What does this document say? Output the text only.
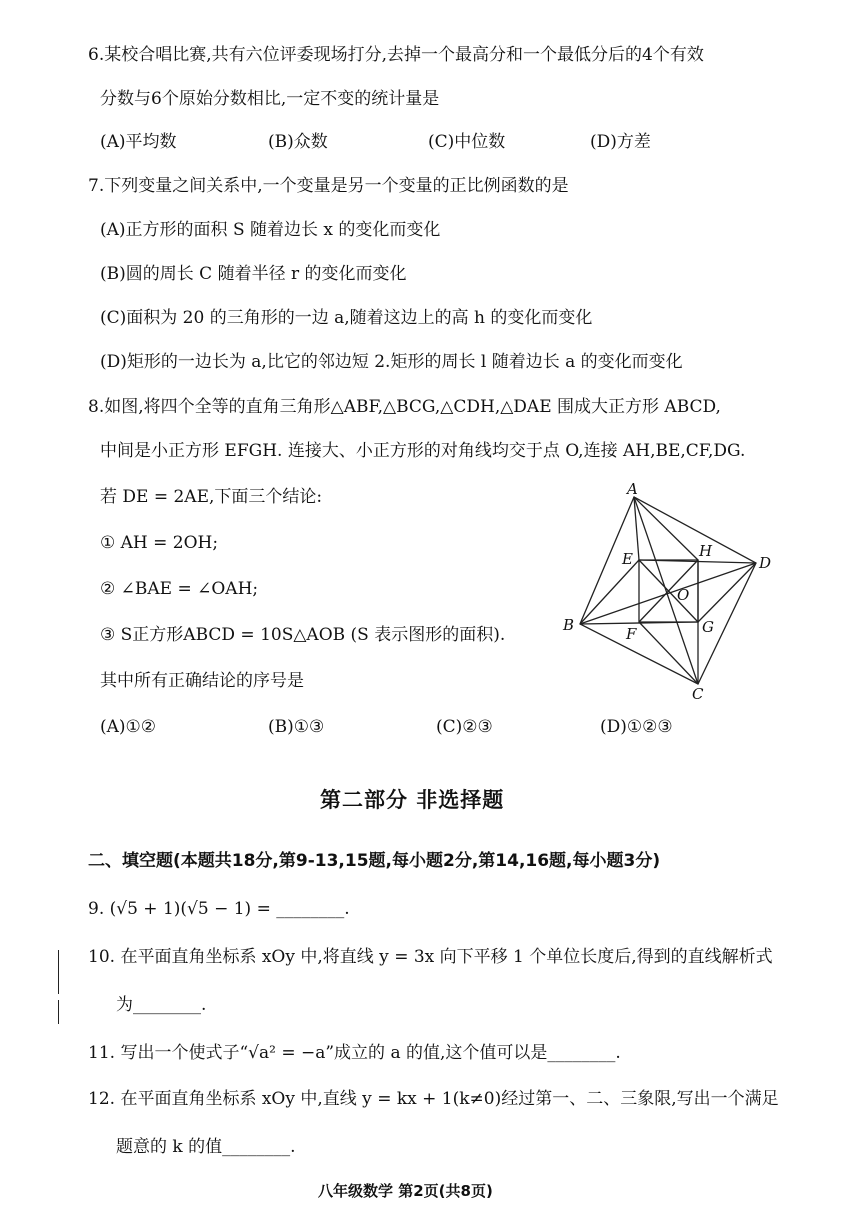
6.某校合唱比赛,共有六位评委现场打分,去掉一个最高分和一个最低分后的4个有效
分数与6个原始分数相比,一定不变的统计量是
(A)平均数	(B)众数	(C)中位数	(D)方差
7.下列变量之间关系中,一个变量是另一个变量的正比例函数的是
(A)正方形的面积 S 随着边长 x 的变化而变化
(B)圆的周长 C 随着半径 r 的变化而变化
(C)面积为 20 的三角形的一边 a,随着这边上的高 h 的变化而变化
(D)矩形的一边长为 a,比它的邻边短 2.矩形的周长 l 随着边长 a 的变化而变化
8.如图,将四个全等的直角三角形△ABF,△BCG,△CDH,△DAE 围成大正方形 ABCD,
中间是小正方形 EFGH. 连接大、小正方形的对角线均交于点 O,连接 AH,BE,CF,DG.
若 DE = 2AE,下面三个结论:
① AH = 2OH;
② ∠BAE = ∠OAH;
③ S正方形ABCD = 10S△AOB (S 表示图形的面积).
其中所有正确结论的序号是
(A)①②	(B)①③	(C)②③	(D)①②③
A
B
C
D
E
F	G
H
O
第二部分 非选择题
二、填空题(本题共18分,第9-13,15题,每小题2分,第14,16题,每小题3分)
9. (√5 + 1)(√5 − 1) = ________.
10. 在平面直角坐标系 xOy 中,将直线 y = 3x 向下平移 1 个单位长度后,得到的直线解析式
为________.
11. 写出一个使式子“√a² = −a”成立的 a 的值,这个值可以是________.
12. 在平面直角坐标系 xOy 中,直线 y = kx + 1(k≠0)经过第一、二、三象限,写出一个满足
题意的 k 的值________.
八年级数学 第2页(共8页)
